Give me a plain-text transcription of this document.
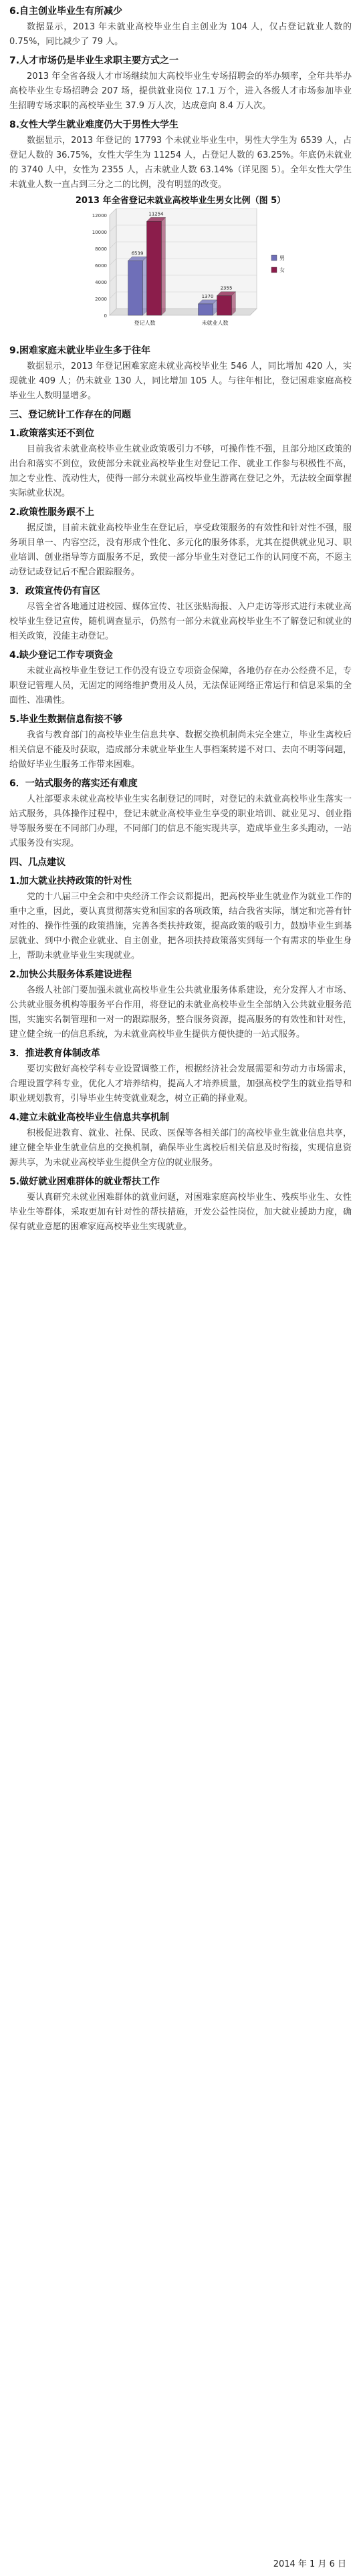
6.自主创业毕业生有所减少

数据显示，2013 年未就业高校毕业生自主创业为 104 人，仅占登记就业人数的 0.75%，同比减少了 79 人。

7.人才市场仍是毕业生求职主要方式之一

2013 年全省各级人才市场继续加大高校毕业生专场招聘会的举办频率，全年共举办高校毕业生专场招聘会 207 场，提供就业岗位 17.1 万个，进入各级人才市场参加毕业生招聘专场求职的高校毕业生 37.9 万人次，达成意向 8.4 万人次。

8.女性大学生就业难度仍大于男性大学生

数据显示，2013 年登记的 17793 个未就业毕业生中，男性大学生为 6539 人，占登记人数的 36.75%，女性大学生为 11254 人，占登记人数的 63.25%。年底仍未就业的 3740 人中，女性为 2355 人，占未就业人数 63.14%（详见图 5）。全年女性大学生未就业人数一直占到三分之二的比例，没有明显的改变。

2013 年全省登记未就业高校毕业生男女比例（图 5）
0
2000
4000
6000
8000
10000
12000
6539
11254
登记人数
1370
2355
未就业人数
男
女
9.困难家庭未就业毕业生多于往年

数据显示，2013 年登记困难家庭未就业高校毕业生 546 人，同比增加 420 人，实现就业 409 人；仍未就业 130 人，同比增加 105 人。与往年相比，登记困难家庭高校毕业生人数明显增多。

三、登记统计工作存在的问题
1.政策落实还不到位

目前我省未就业高校毕业生就业政策吸引力不够，可操作性不强，且部分地区政策的出台和落实不到位，致使部分未就业高校毕业生对登记工作、就业工作参与积极性不高，加之专业性、流动性大，使得一部分未就业高校毕业生游离在登记之外，无法较全面掌握实际就业状况。

2.政策性服务跟不上

据反馈，目前未就业高校毕业生在登记后，享受政策服务的有效性和针对性不强，服务项目单一、内容空泛，没有形成个性化、多元化的服务体系，尤其在提供就业见习、职业培训、创业指导等方面服务不足，致使一部分毕业生对登记工作的认同度不高，不愿主动登记或登记后不配合跟踪服务。

3．政策宣传仍有盲区

尽管全省各地通过进校园、媒体宣传、社区张贴海报、入户走访等形式进行未就业高校毕业生登记宣传，随机调查显示，仍然有一部分未就业高校毕业生不了解登记和就业的相关政策，没能主动登记。

4.缺少登记工作专项资金

未就业高校毕业生登记工作仍没有设立专项资金保障，各地仍存在办公经费不足，专职登记管理人员，无固定的网络维护费用及人员，无法保证网络正常运行和信息采集的全面性、准确性。

5.毕业生数据信息衔接不够

我省与教育部门的高校毕业生信息共享、数据交换机制尚未完全建立，毕业生离校后相关信息不能及时获取，造成部分未就业毕业生人事档案转递不对口、去向不明等问题，给做好毕业生服务工作带来困难。

6．一站式服务的落实还有难度

人社部要求未就业高校毕业生实名制登记的同时，对登记的未就业高校毕业生落实一站式服务，具体操作过程中，登记未就业高校毕业生享受的职业培训、就业见习、创业指导等服务要在不同部门办理，不同部门的信息不能实现共享，造成毕业生多头跑动，一站式服务没有实现。

四、几点建议
1.加大就业扶持政策的针对性

党的十八届三中全会和中央经济工作会议都提出，把高校毕业生就业作为就业工作的重中之重，因此，要认真贯彻落实党和国家的各项政策，结合我省实际，制定和完善有针对性的、操作性强的政策措施，完善各类扶持政策，提高政策的吸引力，鼓励毕业生到基层就业、到中小微企业就业、自主创业，把各项扶持政策落实到每一个有需求的毕业生身上，帮助未就业毕业生实现就业。

2.加快公共服务体系建设进程

各级人社部门要加强未就业高校毕业生公共就业服务体系建设，充分发挥人才市场、公共就业服务机构等服务平台作用，将登记的未就业高校毕业生全部纳入公共就业服务范围，实施实名制管理和一对一的跟踪服务，整合服务资源，提高服务的有效性和针对性，建立健全统一的信息系统，为未就业高校毕业生提供方便快捷的一站式服务。

3．推进教育体制改革

要切实做好高校学科专业设置调整工作，根据经济社会发展需要和劳动力市场需求，合理设置学科专业，优化人才培养结构，提高人才培养质量，加强高校学生的就业指导和职业规划教育，引导毕业生转变就业观念，树立正确的择业观。

4.建立未就业高校毕业生信息共享机制

积极促进教育、就业、社保、民政、医保等各相关部门的高校毕业生就业信息共享，建立健全毕业生就业信息的交换机制，确保毕业生离校后相关信息及时衔接，实现信息资源共享，为未就业高校毕业生提供全方位的就业服务。

5.做好就业困难群体的就业帮扶工作

要认真研究未就业困难群体的就业问题，对困难家庭高校毕业生、残疾毕业生、女性毕业生等群体，采取更加有针对性的帮扶措施，开发公益性岗位，加大就业援助力度，确保有就业意愿的困难家庭高校毕业生实现就业。

2014 年 1 月 6 日
